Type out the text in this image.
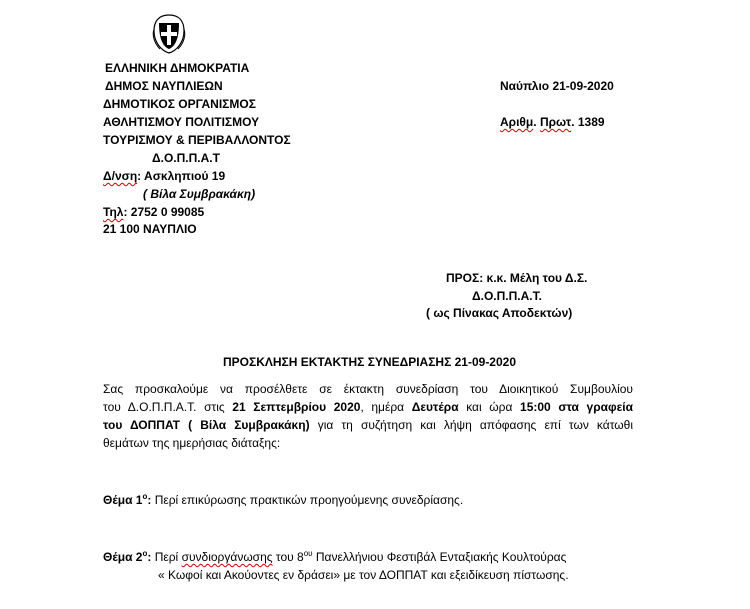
ΕΛΛΗΝΙΚΗ ΔΗΜΟΚΡΑΤΙΑ
ΔΗΜΟΣ ΝΑΥΠΛΙΕΩΝ
ΔΗΜΟΤΙΚΟΣ ΟΡΓΑΝΙΣΜΟΣ
ΑΘΛΗΤΙΣΜΟΥ ΠΟΛΙΤΙΣΜΟΥ
ΤΟΥΡΙΣΜΟΥ & ΠΕΡΙΒΑΛΛΟΝΤΟΣ
Δ.Ο.Π.Π.Α.Τ
Δ/νση: Ασκληπιού 19
( Βίλα Συμβρακάκη)
Τηλ: 2752 0 99085
21 100 ΝΑΥΠΛΙΟ
Ναύπλιο 21-09-2020
Αριθμ. Πρωτ. 1389
ΠΡΟΣ: κ.κ. Μέλη του Δ.Σ.
Δ.Ο.Π.Π.Α.Τ.
( ως Πίνακας Αποδεκτών)
ΠΡΟΣΚΛΗΣΗ ΕΚΤΑΚΤΗΣ ΣΥΝΕΔΡΙΑΣΗΣ 21-09-2020
Σας προσκαλούμε να προσέλθετε σε έκτακτη συνεδρίαση του Διοικητικού Συμβουλίου
του Δ.Ο.Π.Π.Α.Τ. στις 21 Σεπτεμβρίου 2020, ημέρα Δευτέρα και ώρα 15:00 στα γραφεία
του ΔΟΠΠΑΤ ( Βίλα Συμβρακάκη) για τη συζήτηση και λήψη απόφασης επί των κάτωθι
θεμάτων της ημερήσιας διάταξης:
Θέμα $1^o$: Περί επικύρωσης πρακτικών προηγούμενης συνεδρίασης.
Θέμα $2^o$: Περί συνδιοργάνωσης του $8^{o\upsilon}$ Πανελλήνιου Φεστιβάλ Ενταξιακής Κουλτούρας
« Κωφοί και Ακούοντες εν δράσει» με τον ΔΟΠΠΑΤ και εξειδίκευση πίστωσης.
